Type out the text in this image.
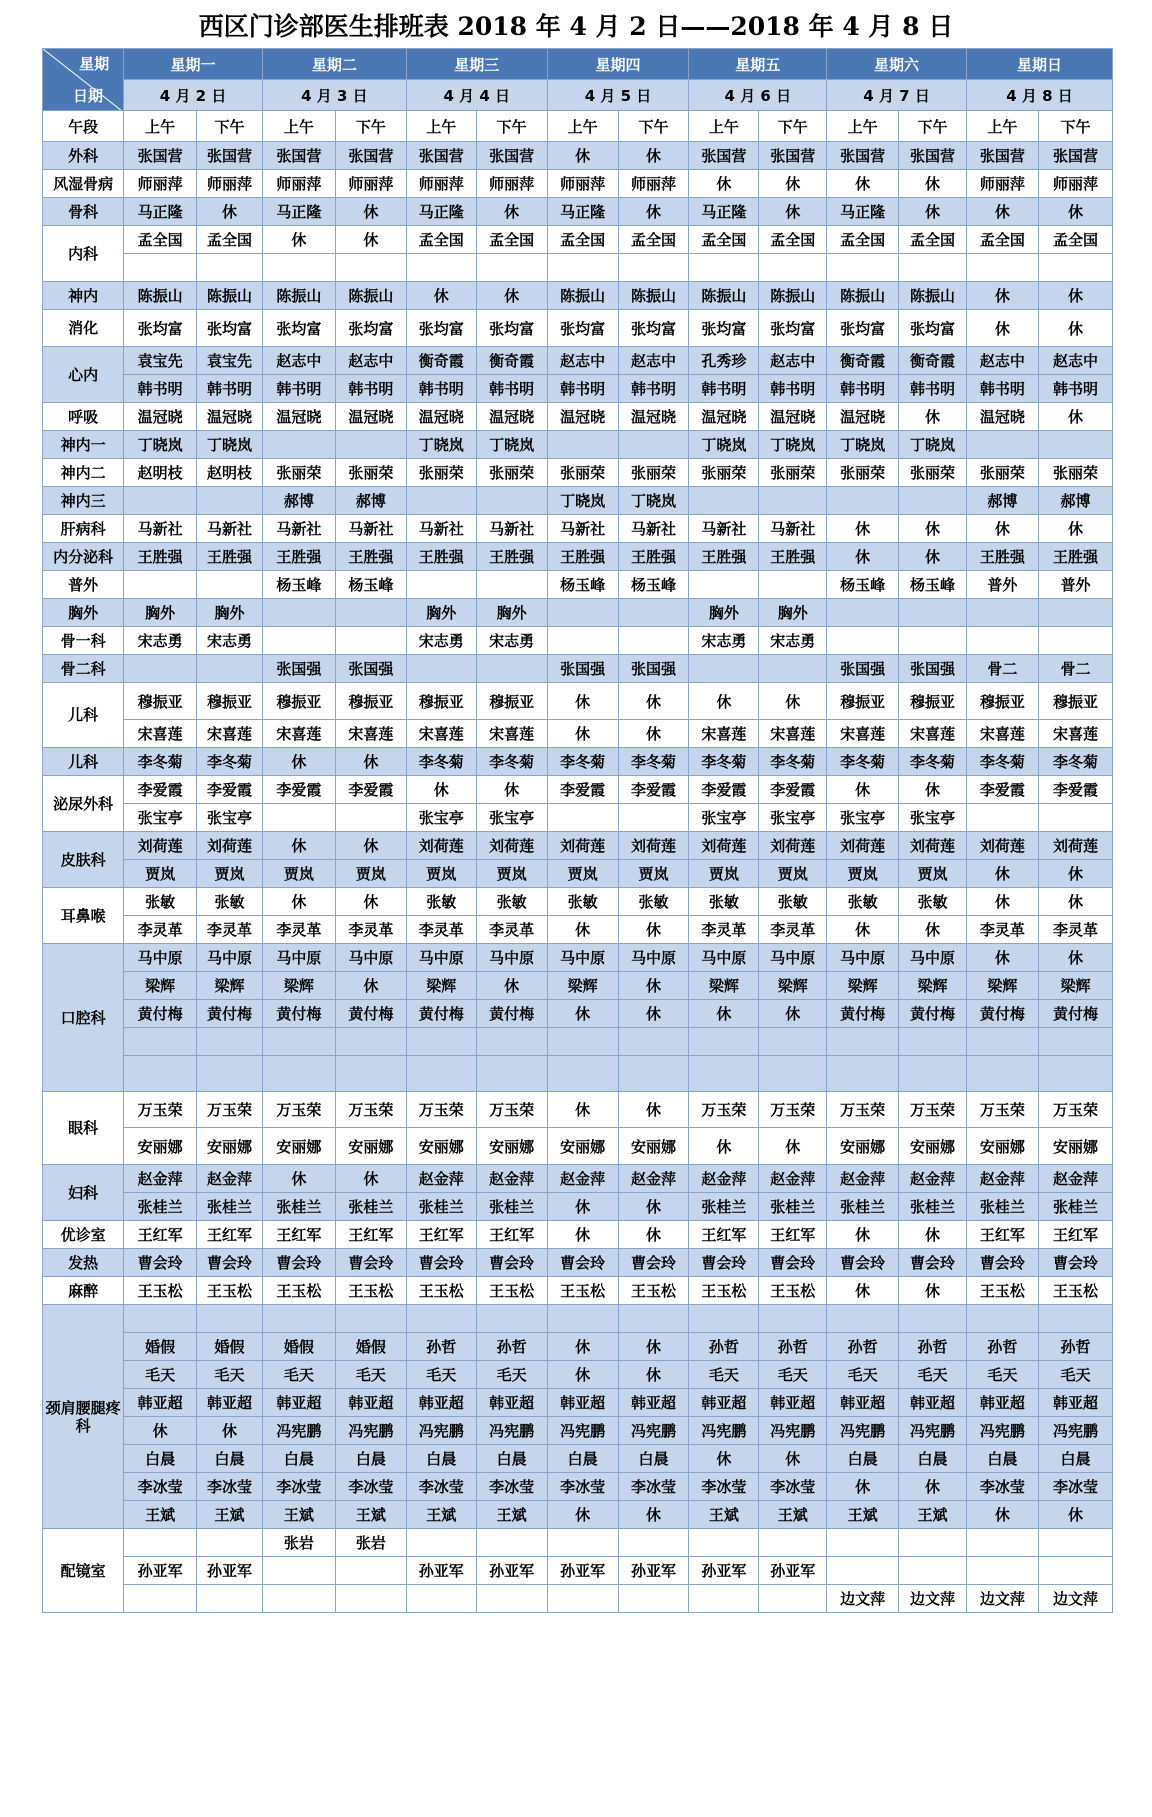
西区门诊部医生排班表 2018 年 4 月 2 日——2018 年 4 月 8 日
星期
日期	星期一		星期二		星期三		星期四		星期五		星期六		星期日	
	4 月 2 日		4 月 3 日		4 月 4 日		4 月 5 日		4 月 6 日		4 月 7 日		4 月 8 日	
午段	上午	下午	上午	下午	上午	下午	上午	下午	上午	下午	上午	下午	上午	下午
外科	张国营	张国营	张国营	张国营	张国营	张国营	休	休	张国营	张国营	张国营	张国营	张国营	张国营
风湿骨病	师丽萍	师丽萍	师丽萍	师丽萍	师丽萍	师丽萍	师丽萍	师丽萍	休	休	休	休	师丽萍	师丽萍
骨科	马正隆	休	马正隆	休	马正隆	休	马正隆	休	马正隆	休	马正隆	休	休	休
内科	孟全国	孟全国	休	休	孟全国	孟全国	孟全国	孟全国	孟全国	孟全国	孟全国	孟全国	孟全国	孟全国

神内	陈振山	陈振山	陈振山	陈振山	休	休	陈振山	陈振山	陈振山	陈振山	陈振山	陈振山	休	休
消化	张均富	张均富	张均富	张均富	张均富	张均富	张均富	张均富	张均富	张均富	张均富	张均富	休	休
心内	袁宝先	袁宝先	赵志中	赵志中	衡奇霞	衡奇霞	赵志中	赵志中	孔秀珍	赵志中	衡奇霞	衡奇霞	赵志中	赵志中
	韩书明	韩书明	韩书明	韩书明	韩书明	韩书明	韩书明	韩书明	韩书明	韩书明	韩书明	韩书明	韩书明	韩书明
呼吸	温冠晓	温冠晓	温冠晓	温冠晓	温冠晓	温冠晓	温冠晓	温冠晓	温冠晓	温冠晓	温冠晓	休	温冠晓	休
神内一	丁晓岚	丁晓岚			丁晓岚	丁晓岚			丁晓岚	丁晓岚	丁晓岚	丁晓岚		
神内二	赵明枝	赵明枝	张丽荣	张丽荣	张丽荣	张丽荣	张丽荣	张丽荣	张丽荣	张丽荣	张丽荣	张丽荣	张丽荣	张丽荣
神内三			郝博	郝博			丁晓岚	丁晓岚					郝博	郝博
肝病科	马新社	马新社	马新社	马新社	马新社	马新社	马新社	马新社	马新社	马新社	休	休	休	休
内分泌科	王胜强	王胜强	王胜强	王胜强	王胜强	王胜强	王胜强	王胜强	王胜强	王胜强	休	休	王胜强	王胜强
普外			杨玉峰	杨玉峰			杨玉峰	杨玉峰			杨玉峰	杨玉峰	普外	普外
胸外	胸外	胸外			胸外	胸外			胸外	胸外				
骨一科	宋志勇	宋志勇			宋志勇	宋志勇			宋志勇	宋志勇				
骨二科			张国强	张国强			张国强	张国强			张国强	张国强	骨二	骨二
儿科	穆振亚	穆振亚	穆振亚	穆振亚	穆振亚	穆振亚	休	休	休	休	穆振亚	穆振亚	穆振亚	穆振亚
	宋喜莲	宋喜莲	宋喜莲	宋喜莲	宋喜莲	宋喜莲	休	休	宋喜莲	宋喜莲	宋喜莲	宋喜莲	宋喜莲	宋喜莲
儿科	李冬菊	李冬菊	休	休	李冬菊	李冬菊	李冬菊	李冬菊	李冬菊	李冬菊	李冬菊	李冬菊	李冬菊	李冬菊
泌尿外科	李爱霞	李爱霞	李爱霞	李爱霞	休	休	李爱霞	李爱霞	李爱霞	李爱霞	休	休	李爱霞	李爱霞
	张宝亭	张宝亭			张宝亭	张宝亭			张宝亭	张宝亭	张宝亭	张宝亭		
皮肤科	刘荷莲	刘荷莲	休	休	刘荷莲	刘荷莲	刘荷莲	刘荷莲	刘荷莲	刘荷莲	刘荷莲	刘荷莲	刘荷莲	刘荷莲
	贾岚	贾岚	贾岚	贾岚	贾岚	贾岚	贾岚	贾岚	贾岚	贾岚	贾岚	贾岚	休	休
耳鼻喉	张敏	张敏	休	休	张敏	张敏	张敏	张敏	张敏	张敏	张敏	张敏	休	休
	李灵革	李灵革	李灵革	李灵革	李灵革	李灵革	休	休	李灵革	李灵革	休	休	李灵革	李灵革
口腔科	马中原	马中原	马中原	马中原	马中原	马中原	马中原	马中原	马中原	马中原	马中原	马中原	休	休
	梁辉	梁辉	梁辉	休	梁辉	休	梁辉	休	梁辉	梁辉	梁辉	梁辉	梁辉	梁辉
	黄付梅	黄付梅	黄付梅	黄付梅	黄付梅	黄付梅	休	休	休	休	黄付梅	黄付梅	黄付梅	黄付梅

眼科	万玉荣	万玉荣	万玉荣	万玉荣	万玉荣	万玉荣	休	休	万玉荣	万玉荣	万玉荣	万玉荣	万玉荣	万玉荣
	安丽娜	安丽娜	安丽娜	安丽娜	安丽娜	安丽娜	安丽娜	安丽娜	休	休	安丽娜	安丽娜	安丽娜	安丽娜
妇科	赵金萍	赵金萍	休	休	赵金萍	赵金萍	赵金萍	赵金萍	赵金萍	赵金萍	赵金萍	赵金萍	赵金萍	赵金萍
	张桂兰	张桂兰	张桂兰	张桂兰	张桂兰	张桂兰	休	休	张桂兰	张桂兰	张桂兰	张桂兰	张桂兰	张桂兰
优诊室	王红军	王红军	王红军	王红军	王红军	王红军	休	休	王红军	王红军	休	休	王红军	王红军
发热	曹会玲	曹会玲	曹会玲	曹会玲	曹会玲	曹会玲	曹会玲	曹会玲	曹会玲	曹会玲	曹会玲	曹会玲	曹会玲	曹会玲
麻醉	王玉松	王玉松	王玉松	王玉松	王玉松	王玉松	王玉松	王玉松	王玉松	王玉松	休	休	王玉松	王玉松
颈肩腰腿疼科														
	婚假	婚假	婚假	婚假	孙哲	孙哲	休	休	孙哲	孙哲	孙哲	孙哲	孙哲	孙哲
	毛天	毛天	毛天	毛天	毛天	毛天	休	休	毛天	毛天	毛天	毛天	毛天	毛天
	韩亚超	韩亚超	韩亚超	韩亚超	韩亚超	韩亚超	韩亚超	韩亚超	韩亚超	韩亚超	韩亚超	韩亚超	韩亚超	韩亚超
	休	休	冯宪鹏	冯宪鹏	冯宪鹏	冯宪鹏	冯宪鹏	冯宪鹏	冯宪鹏	冯宪鹏	冯宪鹏	冯宪鹏	冯宪鹏	冯宪鹏
	白晨	白晨	白晨	白晨	白晨	白晨	白晨	白晨	休	休	白晨	白晨	白晨	白晨
	李冰莹	李冰莹	李冰莹	李冰莹	李冰莹	李冰莹	李冰莹	李冰莹	李冰莹	李冰莹	休	休	李冰莹	李冰莹
	王斌	王斌	王斌	王斌	王斌	王斌	休	休	王斌	王斌	王斌	王斌	休	休
配镜室			张岩	张岩										
	孙亚军	孙亚军			孙亚军	孙亚军	孙亚军	孙亚军	孙亚军	孙亚军				
											边文萍	边文萍	边文萍	边文萍
